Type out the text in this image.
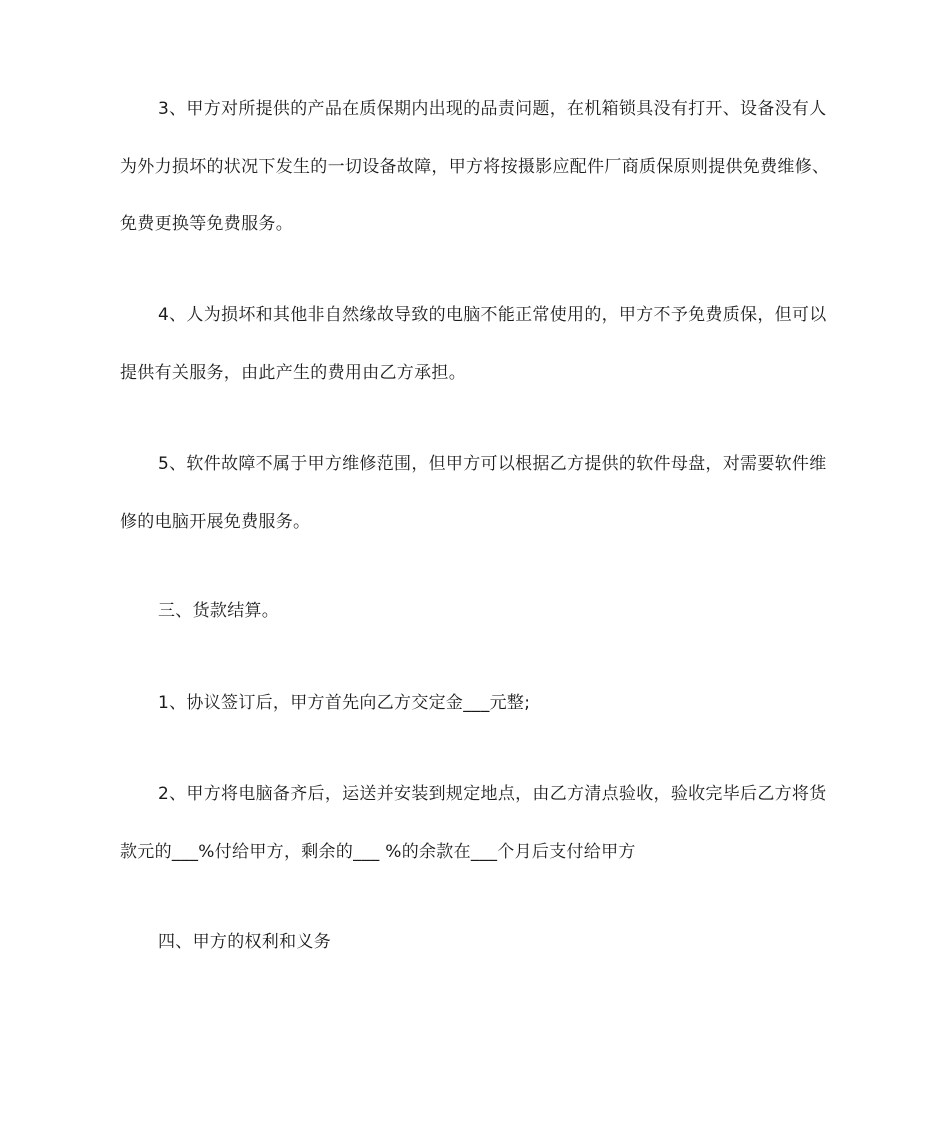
3、甲方对所提供的产品在质保期内出现的品责问题，在机箱锁具没有打开、设备没有人为外力损坏的状况下发生的一切设备故障，甲方将按摄影应配件厂商质保原则提供免费维修、免费更换等免费服务。

4、人为损坏和其他非自然缘故导致的电脑不能正常使用的，甲方不予免费质保，但可以提供有关服务，由此产生的费用由乙方承担。

5、软件故障不属于甲方维修范围，但甲方可以根据乙方提供的软件母盘，对需要软件维修的电脑开展免费服务。

三、货款结算。

1、协议签订后，甲方首先向乙方交定金___元整;

2、甲方将电脑备齐后，运送并安装到规定地点，由乙方清点验收，验收完毕后乙方将货款元的___%付给甲方，剩余的___ %的余款在___个月后支付给甲方

四、甲方的权利和义务
